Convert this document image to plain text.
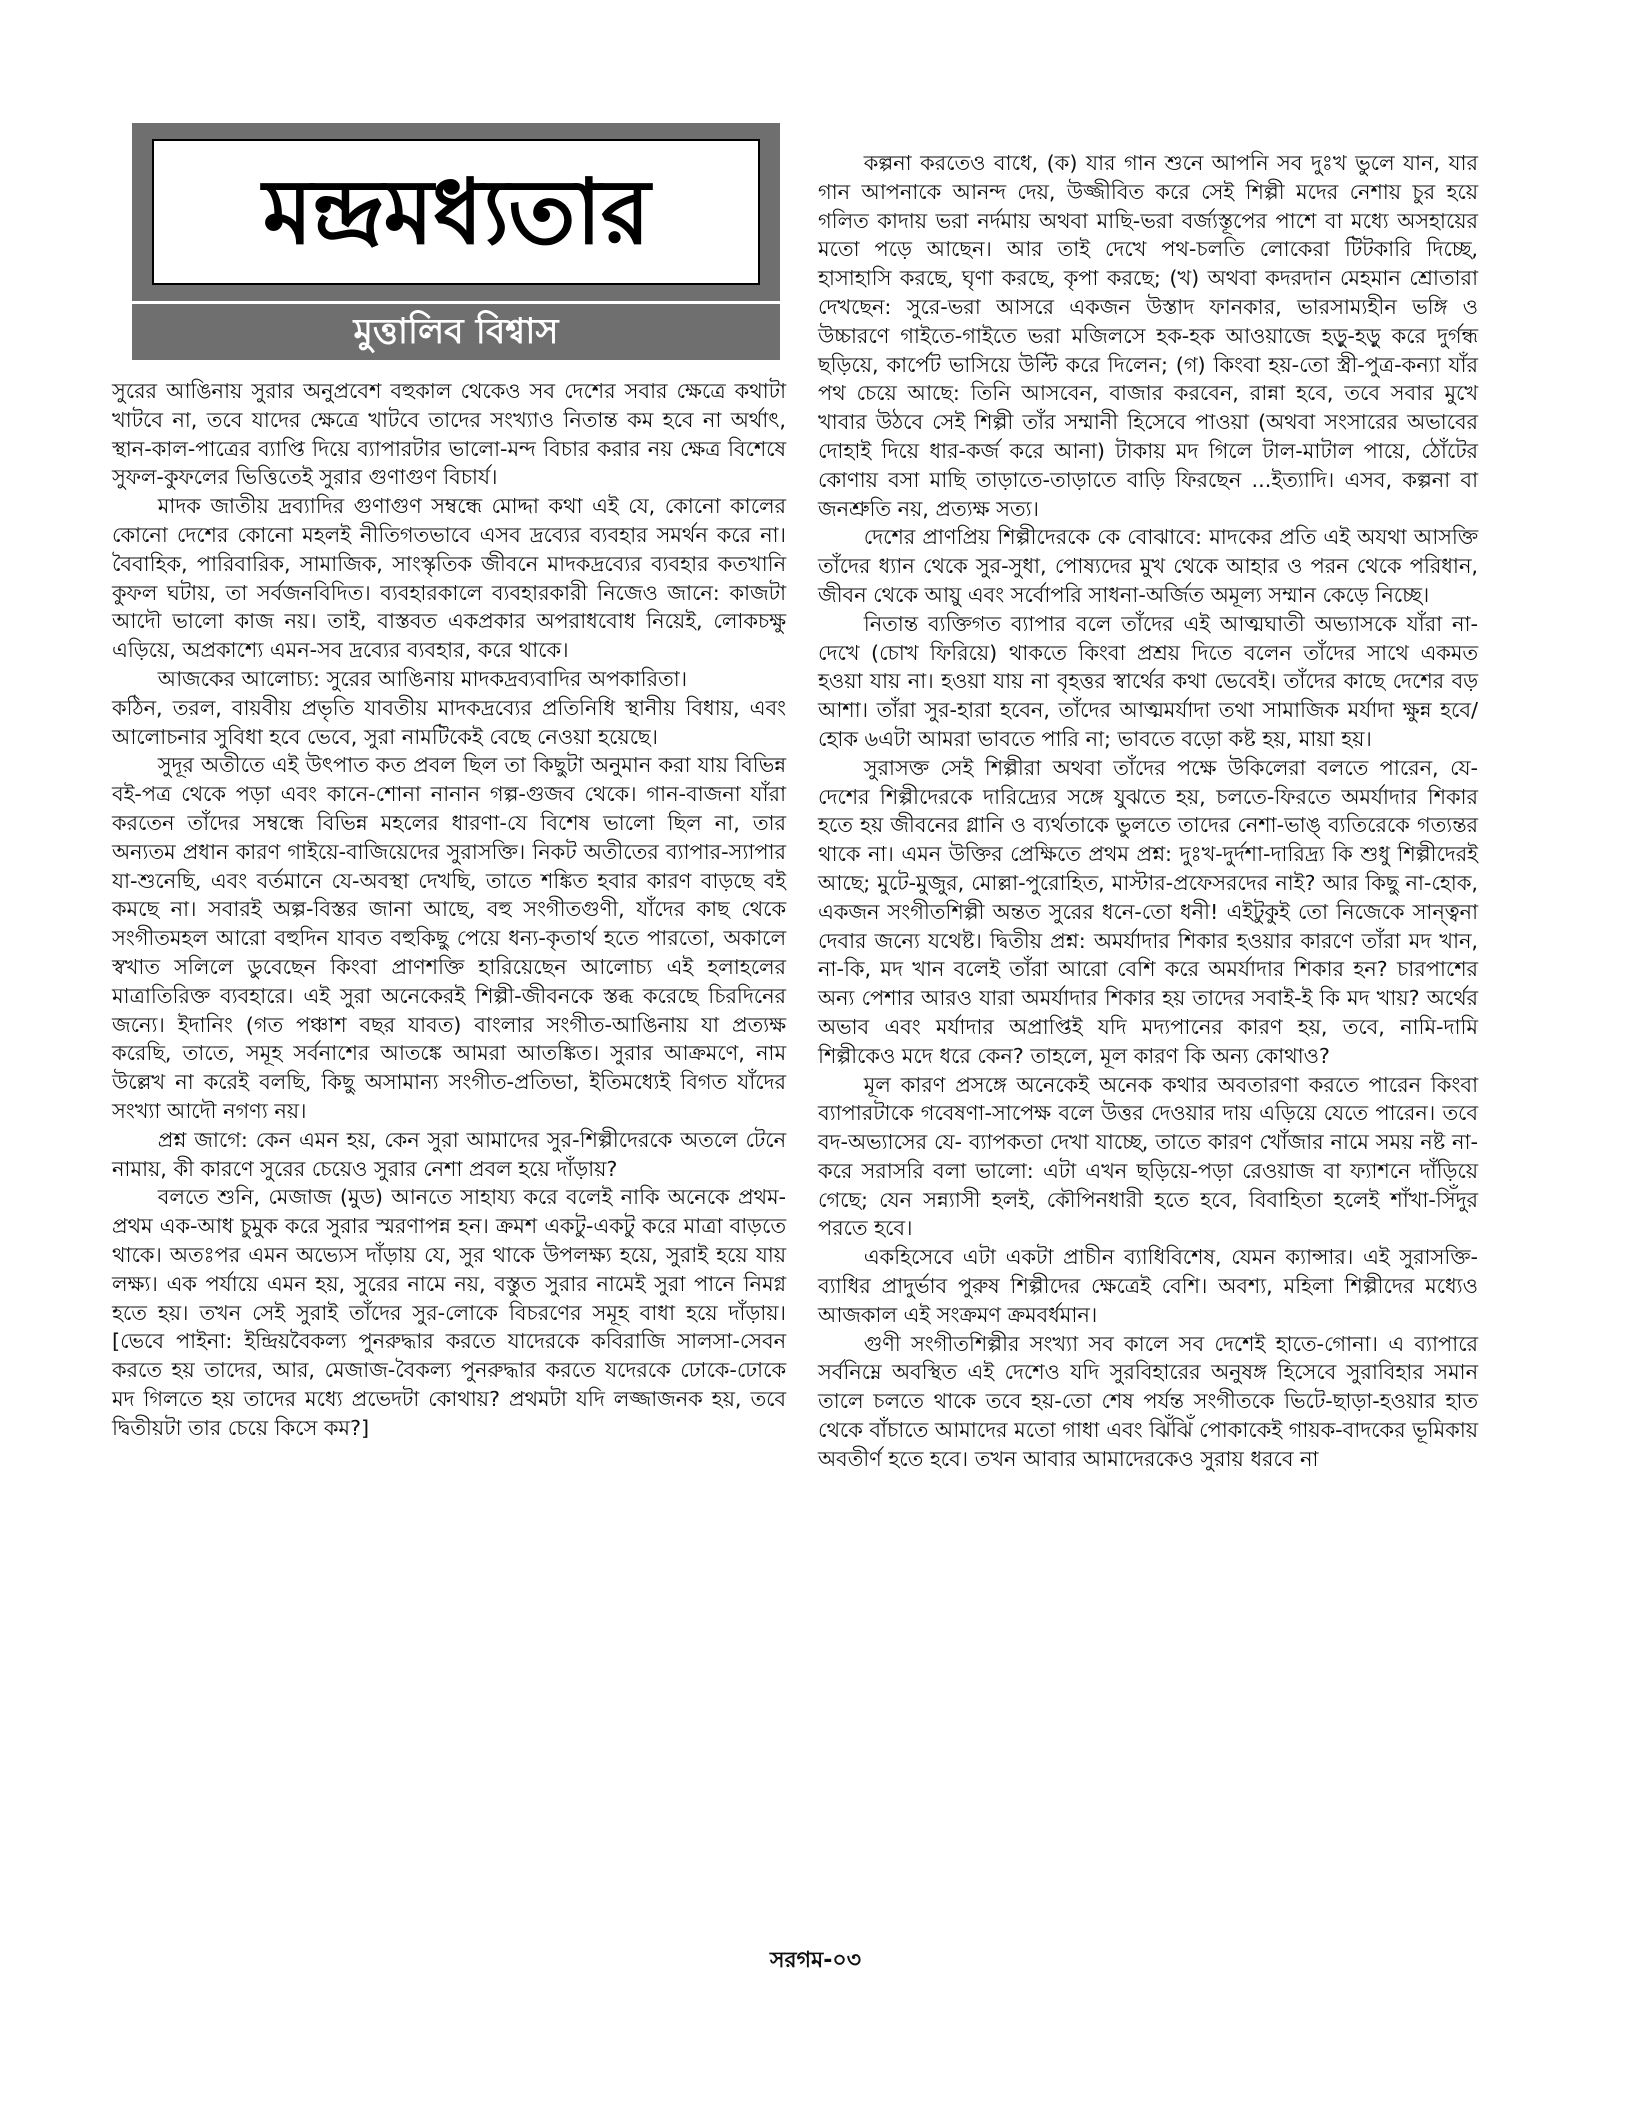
মন্দ্রমধ্যতার
মুত্তালিব বিশ্বাস

সুরের আঙিনায় সুরার অনুপ্রবেশ বহুকাল থেকেও সব দেশের সবার ক্ষেত্রে কথাটা খাটবে না, তবে যাদের ক্ষেত্রে খাটবে তাদের সংখ্যাও নিতান্ত কম হবে না অর্থাৎ, স্থান-কাল-পাত্রের ব্যাপ্তি দিয়ে ব্যাপারটার ভালো-মন্দ বিচার করার নয় ক্ষেত্র বিশেষে সুফল-কুফলের ভিত্তিতেই সুরার গুণাগুণ বিচার্য।

মাদক জাতীয় দ্রব্যাদির গুণাগুণ সম্বন্ধে মোদ্দা কথা এই যে, কোনো কালের কোনো দেশের কোনো মহলই নীতিগতভাবে এসব দ্রব্যের ব্যবহার সমর্থন করে না। বৈবাহিক, পারিবারিক, সামাজিক, সাংস্কৃতিক জীবনে মাদকদ্রব্যের ব্যবহার কতখানি কুফল ঘটায়, তা সর্বজনবিদিত। ব্যবহারকালে ব্যবহারকারী নিজেও জানে: কাজটা আদৌ ভালো কাজ নয়। তাই, বাস্তবত একপ্রকার অপরাধবোধ নিয়েই, লোকচক্ষু এড়িয়ে, অপ্রকাশ্যে এমন-সব দ্রব্যের ব্যবহার, করে থাকে।

আজকের আলোচ্য: সুরের আঙিনায় মাদকদ্রব্যবাদির অপকারিতা।

কঠিন, তরল, বায়বীয় প্রভৃতি যাবতীয় মাদকদ্রব্যের প্রতিনিধি স্থানীয় বিধায়, এবং আলোচনার সুবিধা হবে ভেবে, সুরা নামটিকেই বেছে নেওয়া হয়েছে।

সুদূর অতীতে এই উৎপাত কত প্রবল ছিল তা কিছুটা অনুমান করা যায় বিভিন্ন বই-পত্র থেকে পড়া এবং কানে-শোনা নানান গল্প-গুজব থেকে। গান-বাজনা যাঁরা করতেন তাঁদের সম্বন্ধে বিভিন্ন মহলের ধারণা-যে বিশেষ ভালো ছিল না, তার অন্যতম প্রধান কারণ গাইয়ে-বাজিয়েদের সুরাসক্তি। নিকট অতীতের ব্যাপার-স্যাপার যা-শুনেছি, এবং বর্তমানে যে-অবস্থা দেখছি, তাতে শঙ্কিত হবার কারণ বাড়ছে বই কমছে না। সবারই অল্প-বিস্তর জানা আছে, বহু সংগীতগুণী, যাঁদের কাছ থেকে সংগীতমহল আরো বহুদিন যাবত বহুকিছু পেয়ে ধন্য-কৃতার্থ হতে পারতো, অকালে স্বখাত সলিলে ডুবেছেন কিংবা প্রাণশক্তি হারিয়েছেন আলোচ্য এই হলাহলের মাত্রাতিরিক্ত ব্যবহারে। এই সুরা অনেকেরই শিল্পী-জীবনকে স্তব্ধ করেছে চিরদিনের জন্যে। ইদানিং (গত পঞ্চাশ বছর যাবত) বাংলার সংগীত-আঙিনায় যা প্রত্যক্ষ করেছি, তাতে, সমূহ সর্বনাশের আতঙ্কে আমরা আতঙ্কিত। সুরার আক্রমণে, নাম উল্লেখ না করেই বলছি, কিছু অসামান্য সংগীত-প্রতিভা, ইতিমধ্যেই বিগত যাঁদের সংখ্যা আদৌ নগণ্য নয়।

প্রশ্ন জাগে: কেন এমন হয়, কেন সুরা আমাদের সুর-শিল্পীদেরকে অতলে টেনে নামায়, কী কারণে সুরের চেয়েও সুরার নেশা প্রবল হয়ে দাঁড়ায়?

বলতে শুনি, মেজাজ (মুড) আনতে সাহায্য করে বলেই নাকি অনেকে প্রথম-প্রথম এক-আধ চুমুক করে সুরার স্মরণাপন্ন হন। ক্রমশ একটু-একটু করে মাত্রা বাড়তে থাকে। অতঃপর এমন অভ্যেস দাঁড়ায় যে, সুর থাকে উপলক্ষ্য হয়ে, সুরাই হয়ে যায় লক্ষ্য। এক পর্যায়ে এমন হয়, সুরের নামে নয়, বস্তুত সুরার নামেই সুরা পানে নিমগ্ন হতে হয়। তখন সেই সুরাই তাঁদের সুর-লোকে বিচরণের সমূহ বাধা হয়ে দাঁড়ায়। [ভেবে পাইনা: ইন্দ্রিয়বৈকল্য পুনরুদ্ধার করতে যাদেরকে কবিরাজি সালসা-সেবন করতে হয় তাদের, আর, মেজাজ-বৈকল্য পুনরুদ্ধার করতে যদেরকে ঢোকে-ঢোকে মদ গিলতে হয় তাদের মধ্যে প্রভেদটা কোথায়? প্রথমটা যদি লজ্জাজনক হয়, তবে দ্বিতীয়টা তার চেয়ে কিসে কম?]

কল্পনা করতেও বাধে, (ক) যার গান শুনে আপনি সব দুঃখ ভুলে যান, যার গান আপনাকে আনন্দ দেয়, উজ্জীবিত করে সেই শিল্পী মদের নেশায় চুর হয়ে গলিত কাদায় ভরা নর্দমায় অথবা মাছি-ভরা বর্জ্যস্তূপের পাশে বা মধ্যে অসহায়ের মতো পড়ে আছেন। আর তাই দেখে পথ-চলতি লোকেরা টিটকারি দিচ্ছে, হাসাহাসি করছে, ঘৃণা করছে, কৃপা করছে; (খ) অথবা কদরদান মেহমান শ্রোতারা দেখছেন: সুরে-ভরা আসরে একজন উস্তাদ ফানকার, ভারসাম্যহীন ভঙ্গি ও উচ্চারণে গাইতে-গাইতে ভরা মজিলসে হক-হক আওয়াজে হড়ু-হড়ু করে দুর্গন্ধ ছড়িয়ে, কার্পেট ভাসিয়ে উল্টি করে দিলেন; (গ) কিংবা হয়-তো স্ত্রী-পুত্র-কন্যা যাঁর পথ চেয়ে আছে: তিনি আসবেন, বাজার করবেন, রান্না হবে, তবে সবার মুখে খাবার উঠবে সেই শিল্পী তাঁর সম্মানী হিসেবে পাওয়া (অথবা সংসারের অভাবের দোহাই দিয়ে ধার-কর্জ করে আনা) টাকায় মদ গিলে টাল-মাটাল পায়ে, ঠোঁটের কোণায় বসা মাছি তাড়াতে-তাড়াতে বাড়ি ফিরছেন ...ইত্যাদি। এসব, কল্পনা বা জনশ্রুতি নয়, প্রত্যক্ষ সত্য।

দেশের প্রাণপ্রিয় শিল্পীদেরকে কে বোঝাবে: মাদকের প্রতি এই অযথা আসক্তি তাঁদের ধ্যান থেকে সুর-সুধা, পোষ্যদের মুখ থেকে আহার ও পরন থেকে পরিধান, জীবন থেকে আয়ু এবং সর্বোপরি সাধনা-অর্জিত অমূল্য সম্মান কেড়ে নিচ্ছে।

নিতান্ত ব্যক্তিগত ব্যাপার বলে তাঁদের এই আত্মঘাতী অভ্যাসকে যাঁরা না-দেখে (চোখ ফিরিয়ে) থাকতে কিংবা প্রশ্রয় দিতে বলেন তাঁদের সাথে একমত হওয়া যায় না। হওয়া যায় না বৃহত্তর স্বার্থের কথা ভেবেই। তাঁদের কাছে দেশের বড় আশা। তাঁরা সুর-হারা হবেন, তাঁদের আত্মমর্যাদা তথা সামাজিক মর্যাদা ক্ষুন্ন হবে/হোক ৬এটা আমরা ভাবতে পারি না; ভাবতে বড়ো কষ্ট হয়, মায়া হয়।

সুরাসক্ত সেই শিল্পীরা অথবা তাঁদের পক্ষে উকিলেরা বলতে পারেন, যে-দেশের শিল্পীদেরকে দারিদ্র্যের সঙ্গে যুঝতে হয়, চলতে-ফিরতে অমর্যাদার শিকার হতে হয় জীবনের গ্লানি ও ব্যর্থতাকে ভুলতে তাদের নেশা-ভাঙ্ ব্যতিরেকে গত্যন্তর থাকে না। এমন উক্তির প্রেক্ষিতে প্রথম প্রশ্ন: দুঃখ-দুর্দশা-দারিদ্র্য কি শুধু শিল্পীদেরই আছে; মুটে-মুজুর, মোল্লা-পুরোহিত, মাস্টার-প্রফেসরদের নাই? আর কিছু না-হোক, একজন সংগীতশিল্পী অন্তত সুরের ধনে-তো ধনী! এইটুকুই তো নিজেকে সান্ত্বনা দেবার জন্যে যথেষ্ট। দ্বিতীয় প্রশ্ন: অমর্যাদার শিকার হওয়ার কারণে তাঁরা মদ খান, না-কি, মদ খান বলেই তাঁরা আরো বেশি করে অমর্যাদার শিকার হন? চারপাশের অন্য পেশার আরও যারা অমর্যাদার শিকার হয় তাদের সবাই-ই কি মদ খায়? অর্থের অভাব এবং মর্যাদার অপ্রাপ্তিই যদি মদ্যপানের কারণ হয়, তবে, নামি-দামি শিল্পীকেও মদে ধরে কেন? তাহলে, মূল কারণ কি অন্য কোথাও?

মূল কারণ প্রসঙ্গে অনেকেই অনেক কথার অবতারণা করতে পারেন কিংবা ব্যাপারটাকে গবেষণা-সাপেক্ষ বলে উত্তর দেওয়ার দায় এড়িয়ে যেতে পারেন। তবে বদ-অভ্যাসের যে- ব্যাপকতা দেখা যাচ্ছে, তাতে কারণ খোঁজার নামে সময় নষ্ট না-করে সরাসরি বলা ভালো: এটা এখন ছড়িয়ে-পড়া রেওয়াজ বা ফ্যাশনে দাঁড়িয়ে গেছে; যেন সন্ন্যাসী হলই, কৌপিনধারী হতে হবে, বিবাহিতা হলেই শাঁখা-সিঁদুর পরতে হবে।

একহিসেবে এটা একটা প্রাচীন ব্যাধিবিশেষ, যেমন ক্যান্সার। এই সুরাসক্তি-ব্যাধির প্রাদুর্ভাব পুরুষ শিল্পীদের ক্ষেত্রেই বেশি। অবশ্য, মহিলা শিল্পীদের মধ্যেও আজকাল এই সংক্রমণ ক্রমবর্ধমান।

গুণী সংগীতশিল্পীর সংখ্যা সব কালে সব দেশেই হাতে-গোনা। এ ব্যাপারে সর্বনিম্নে অবস্থিত এই দেশেও যদি সুরবিহারের অনুষঙ্গ হিসেবে সুরাবিহার সমান তালে চলতে থাকে তবে হয়-তো শেষ পর্যন্ত সংগীতকে ভিটে-ছাড়া-হওয়ার হাত থেকে বাঁচাতে আমাদের মতো গাধা এবং ঝিঁঝিঁ পোকাকেই গায়ক-বাদকের ভূমিকায় অবতীর্ণ হতে হবে। তখন আবার আমাদেরকেও সুরায় ধরবে না

সরগম-০৩
